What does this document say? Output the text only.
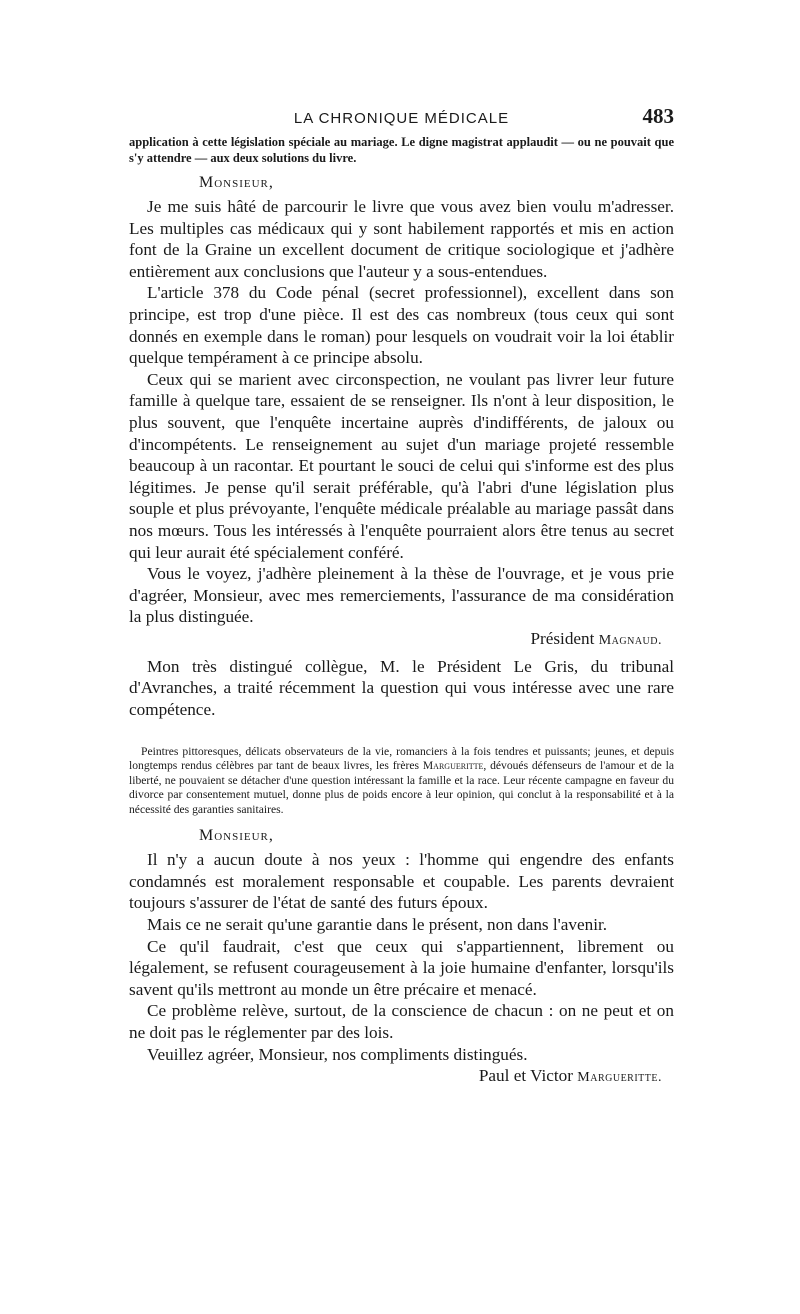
LA CHRONIQUE MÉDICALE	483
application à cette législation spéciale au mariage. Le digne magistrat applaudit — ou ne pouvait que s'y attendre — aux deux solutions du livre.
Monsieur,

Je me suis hâté de parcourir le livre que vous avez bien voulu m'adresser. Les multiples cas médicaux qui y sont habilement rapportés et mis en action font de la Graine un excellent document de critique sociologique et j'adhère entièrement aux conclusions que l'auteur y a sous-entendues.

L'article 378 du Code pénal (secret professionnel), excellent dans son principe, est trop d'une pièce. Il est des cas nombreux (tous ceux qui sont donnés en exemple dans le roman) pour lesquels on voudrait voir la loi établir quelque tempérament à ce principe absolu.

Ceux qui se marient avec circonspection, ne voulant pas livrer leur future famille à quelque tare, essaient de se renseigner. Ils n'ont à leur disposition, le plus souvent, que l'enquête incertaine auprès d'indifférents, de jaloux ou d'incompétents. Le renseignement au sujet d'un mariage projeté ressemble beaucoup à un racontar. Et pourtant le souci de celui qui s'informe est des plus légitimes. Je pense qu'il serait préférable, qu'à l'abri d'une législation plus souple et plus prévoyante, l'enquête médicale préalable au mariage passât dans nos mœurs. Tous les intéressés à l'enquête pourraient alors être tenus au secret qui leur aurait été spécialement conféré.

Vous le voyez, j'adhère pleinement à la thèse de l'ouvrage, et je vous prie d'agréer, Monsieur, avec mes remerciements, l'assurance de ma considération la plus distinguée.

Président Magnaud.

Mon très distingué collègue, M. le Président Le Gris, du tribunal d'Avranches, a traité récemment la question qui vous intéresse avec une rare compétence.

Peintres pittoresques, délicats observateurs de la vie, romanciers à la fois tendres et puissants; jeunes, et depuis longtemps rendus célèbres par tant de beaux livres, les frères Margueritte, dévoués défenseurs de l'amour et de la liberté, ne pouvaient se détacher d'une question intéressant la famille et la race. Leur récente campagne en faveur du divorce par consentement mutuel, donne plus de poids encore à leur opinion, qui conclut à la responsabilité et à la nécessité des garanties sanitaires.
Monsieur,

Il n'y a aucun doute à nos yeux : l'homme qui engendre des enfants condamnés est moralement responsable et coupable. Les parents devraient toujours s'assurer de l'état de santé des futurs époux.

Mais ce ne serait qu'une garantie dans le présent, non dans l'avenir.

Ce qu'il faudrait, c'est que ceux qui s'appartiennent, librement ou légalement, se refusent courageusement à la joie humaine d'enfanter, lorsqu'ils savent qu'ils mettront au monde un être précaire et menacé.

Ce problème relève, surtout, de la conscience de chacun : on ne peut et on ne doit pas le réglementer par des lois.

Veuillez agréer, Monsieur, nos compliments distingués.
Paul et Victor Margueritte.
